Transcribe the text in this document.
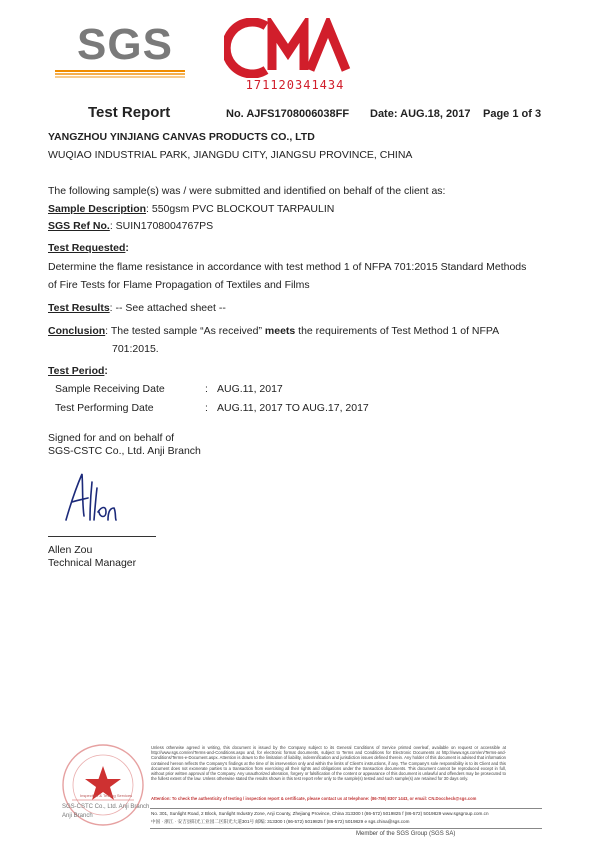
SGS
171120341434
Test Report	No. AJFS1708006038FF Date: AUG.18, 2017 Page 1 of 3
YANGZHOU YINJIANG CANVAS PRODUCTS CO., LTD
WUQIAO INDUSTRIAL PARK, JIANGDU CITY, JIANGSU PROVINCE, CHINA
The following sample(s) was / were submitted and identified on behalf of the client as:
Sample Description: 550gsm PVC BLOCKOUT TARPAULIN
SGS Ref No.: SUIN1708004767PS
Test Requested:
Determine the flame resistance in accordance with test method 1 of NFPA 701:2015 Standard Methods
of Fire Tests for Flame Propagation of Textiles and Films
Test Results: -- See attached sheet --
Conclusion: The tested sample “As received” meets the requirements of Test Method 1 of NFPA
701:2015.
Test Period:
Sample Receiving Date	: AUG.11, 2017
Test Performing Date	: AUG.11, 2017 TO AUG.17, 2017
Signed for and on behalf of
SGS-CSTC Co., Ltd. Anji Branch
Allen Zou
Technical Manager
SGS-CSTC Co., Ltd. Anji Branch
Anji Branch
Inspection & Testing Services
Unless otherwise agreed in writing, this document is issued by the Company subject to its General Conditions of Service printed overleaf, available on request or accessible at http://www.sgs.com/en/Terms-and-Conditions.aspx and, for electronic format documents, subject to Terms and Conditions for Electronic Documents at http://www.sgs.com/en/Terms-and-Conditions/Terms-e-Document.aspx. Attention is drawn to the limitation of liability, indemnification and jurisdiction issues defined therein. Any holder of this document is advised that information contained hereon reflects the Company's findings at the time of its intervention only and within the limits of Client's instructions, if any. The Company's sole responsibility is to its Client and this document does not exonerate parties to a transaction from exercising all their rights and obligations under the transaction documents. This document cannot be reproduced except in full, without prior written approval of the Company. Any unauthorized alteration, forgery or falsification of the content or appearance of this document is unlawful and offenders may be prosecuted to the fullest extent of the law. Unless otherwise stated the results shown in this test report refer only to the sample(s) tested and such sample(s) are retained for 30 days only.
Attention: To check the authenticity of testing / inspection report & certificate, please contact us at telephone: (86-755) 8307 1443, or email: CN.Doccheck@sgs.com
No. 301, Sunlight Road, 2 Block, Sunlight Industry Zone, Anji County, Zhejiang Province, China 313300 t (86-572) 5019825 f (86-572) 5019829 www.sgsgroup.com.cn
中国 · 浙江 · 安吉县阳光工业园二区阳光大道301号 邮编: 313300 t (86-572) 5019825 f (86-572) 5019829 e sgs.china@sgs.com
Member of the SGS Group (SGS SA)
